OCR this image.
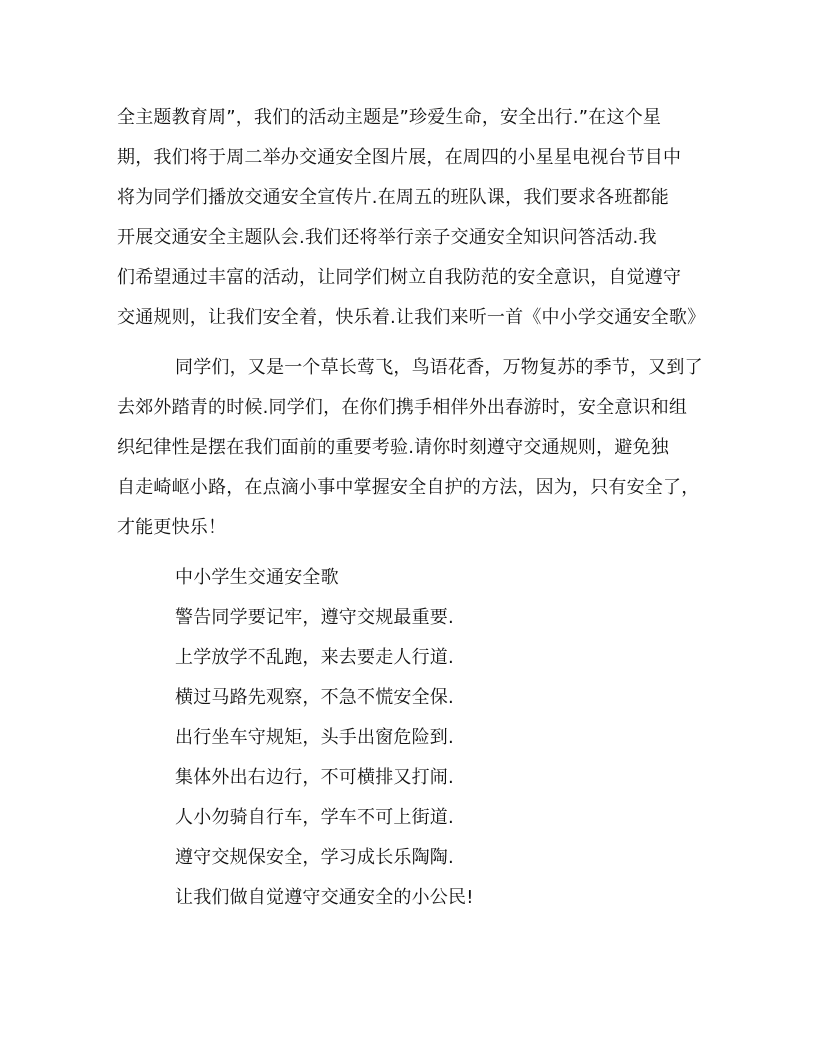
全主题教育周”，我们的活动主题是”珍爱生命，安全出行.”在这个星
期，我们将于周二举办交通安全图片展，在周四的小星星电视台节目中
将为同学们播放交通安全宣传片.在周五的班队课，我们要求各班都能
开展交通安全主题队会.我们还将举行亲子交通安全知识问答活动.我
们希望通过丰富的活动，让同学们树立自我防范的安全意识，自觉遵守
交通规则，让我们安全着，快乐着.让我们来听一首《中小学交通安全歌》
同学们，又是一个草长莺飞，鸟语花香，万物复苏的季节，又到了
去郊外踏青的时候.同学们，在你们携手相伴外出春游时，安全意识和组
织纪律性是摆在我们面前的重要考验.请你时刻遵守交通规则，避免独
自走崎岖小路，在点滴小事中掌握安全自护的方法，因为，只有安全了，
才能更快乐！
中小学生交通安全歌
警告同学要记牢，遵守交规最重要.
上学放学不乱跑，来去要走人行道.
横过马路先观察，不急不慌安全保.
出行坐车守规矩，头手出窗危险到.
集体外出右边行，不可横排又打闹.
人小勿骑自行车，学车不可上街道.
遵守交规保安全，学习成长乐陶陶.
让我们做自觉遵守交通安全的小公民!
